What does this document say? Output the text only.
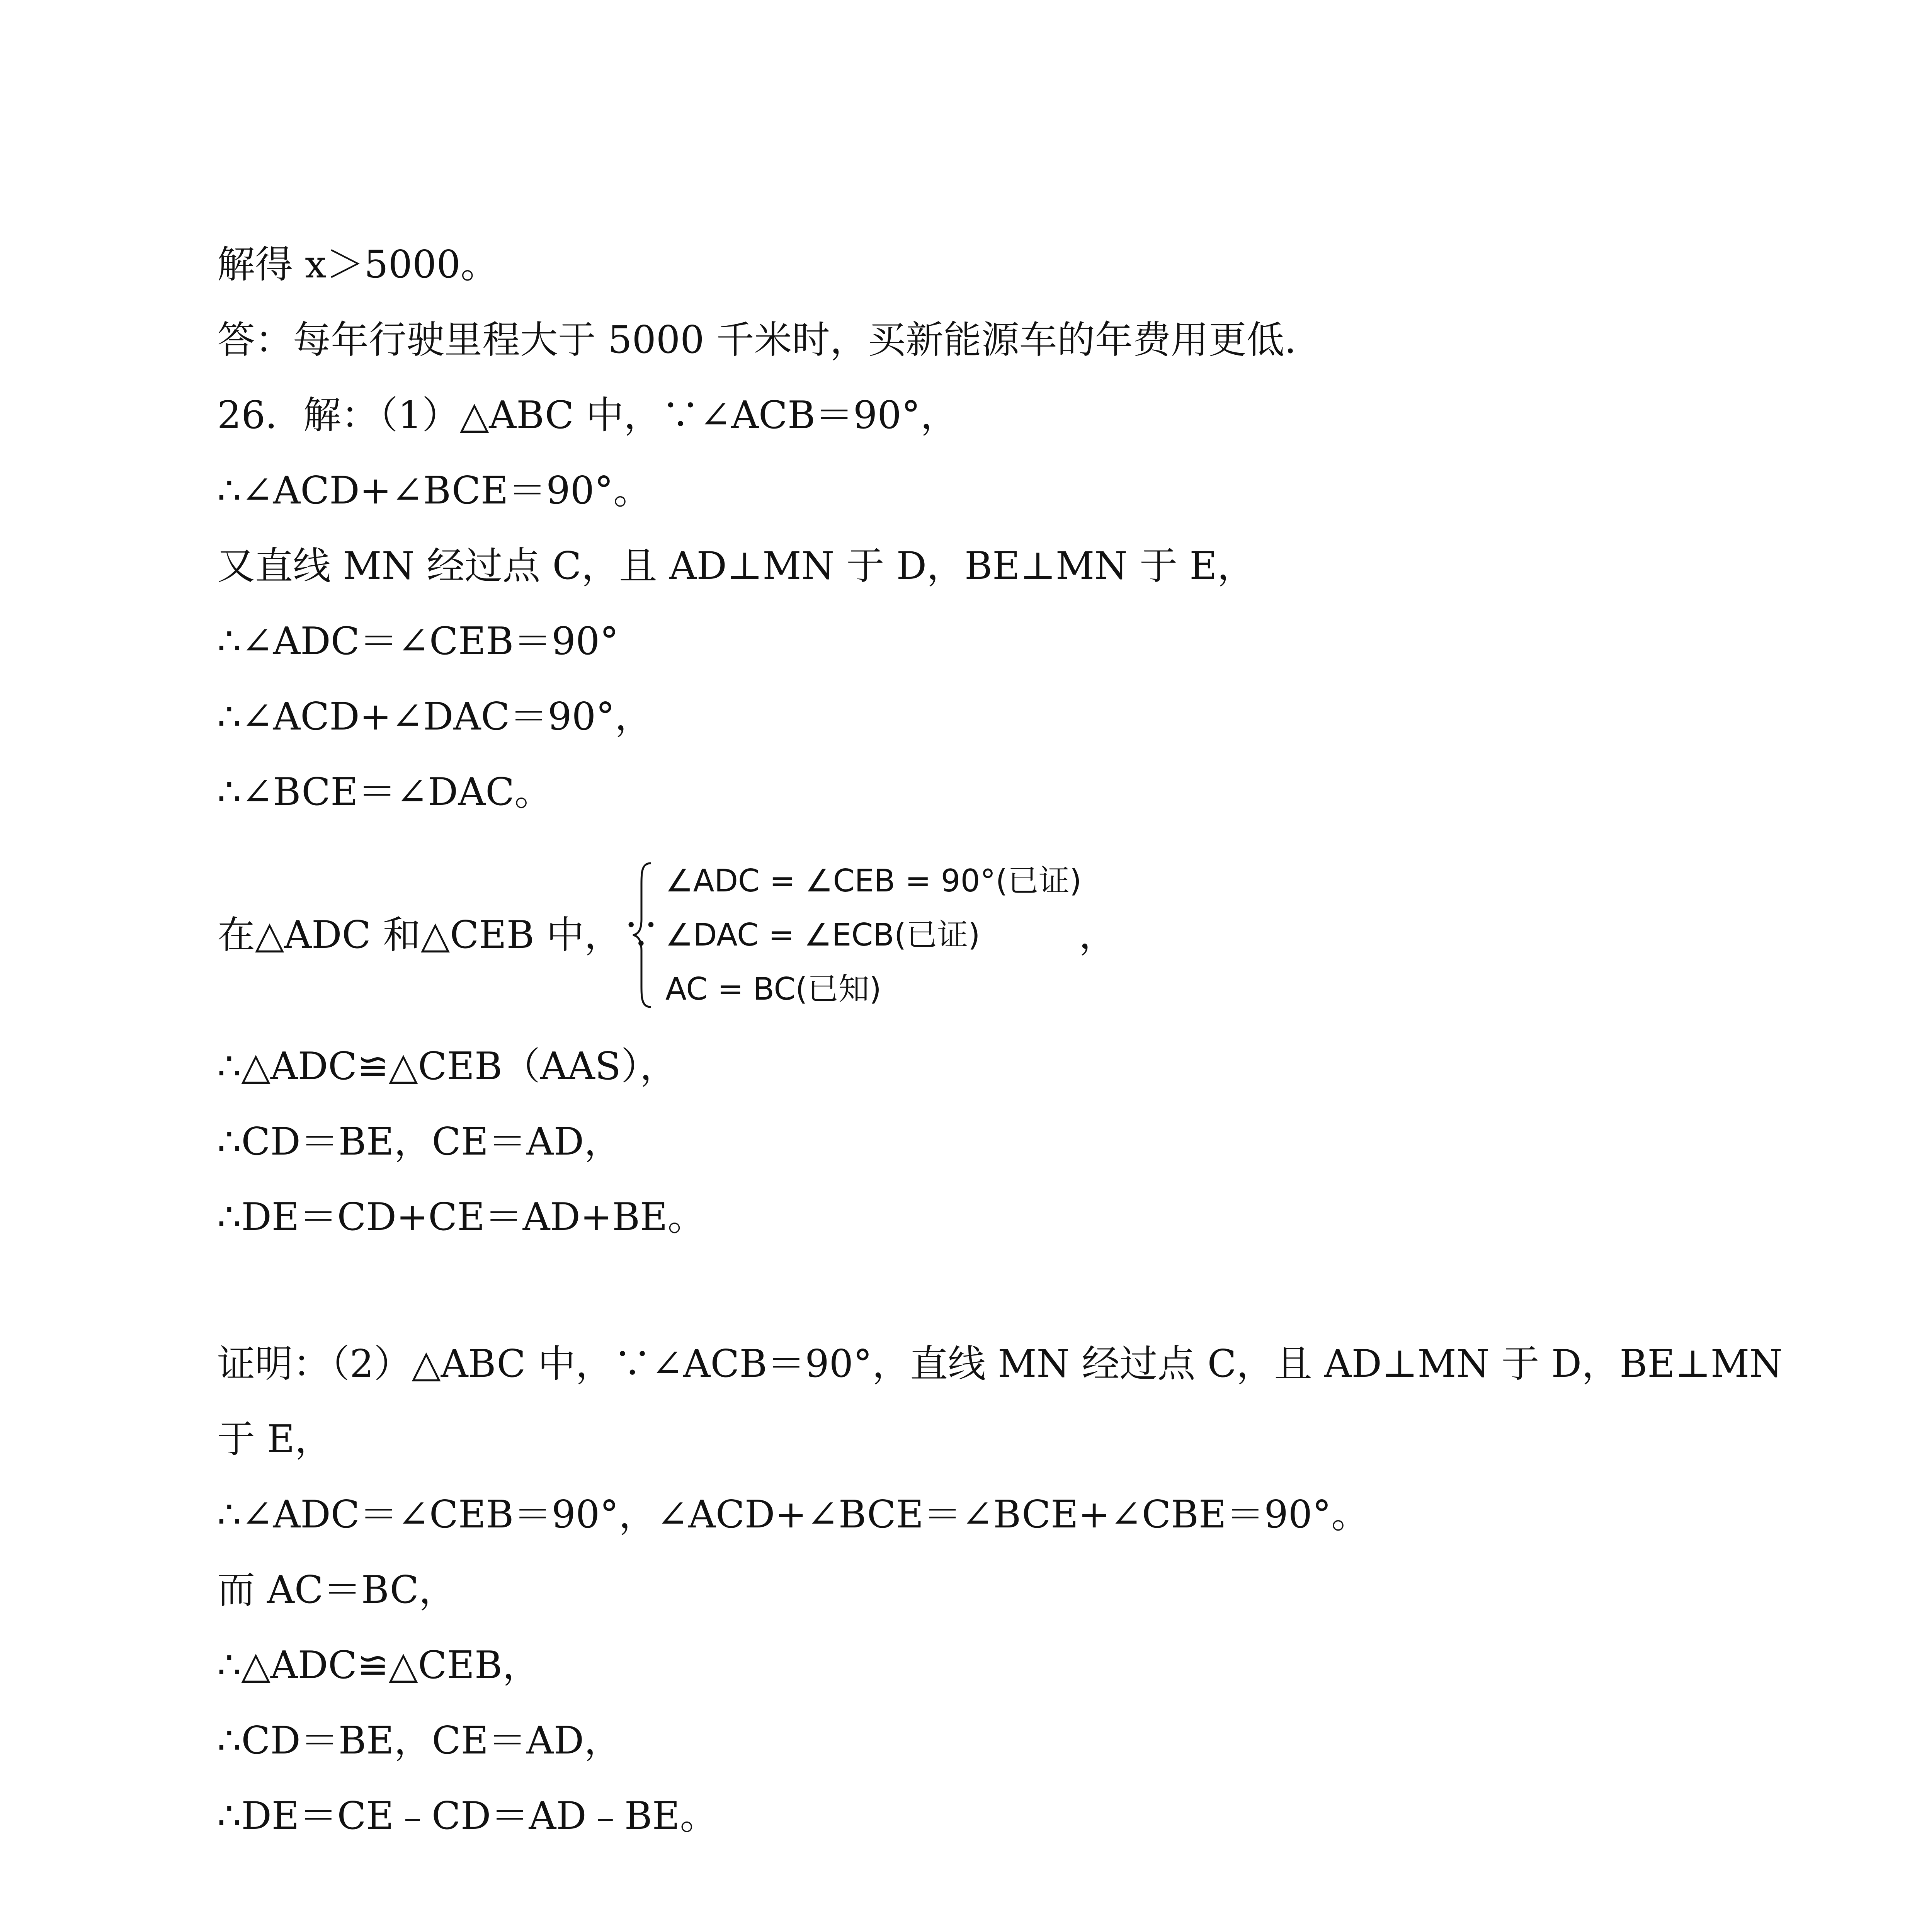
解得 x＞5000。
答：每年行驶里程大于 5000 千米时，买新能源车的年费用更低.
26．解：（1）△ABC 中，∵∠ACB＝90°，
∴∠ACD+∠BCE＝90°。
又直线 MN 经过点 C，且 AD⊥MN 于 D，BE⊥MN 于 E，
∴∠ADC＝∠CEB＝90°
∴∠ACD+∠DAC＝90°，
∴∠BCE＝∠DAC。
在△ADC 和△CEB 中，∵
∠ADC = ∠CEB = 90°(已证)
∠DAC = ∠ECB(已证)
AC = BC(已知)
，
∴△ADC≌△CEB（AAS），
∴CD＝BE，CE＝AD，
∴DE＝CD+CE＝AD+BE。
证明：（2）△ABC 中，∵∠ACB＝90°，直线 MN 经过点 C，且 AD⊥MN 于 D，BE⊥MN
于 E，
∴∠ADC＝∠CEB＝90°，∠ACD+∠BCE＝∠BCE+∠CBE＝90°。
而 AC＝BC，
∴△ADC≌△CEB，
∴CD＝BE，CE＝AD，
∴DE＝CE﹣CD＝AD﹣BE。
